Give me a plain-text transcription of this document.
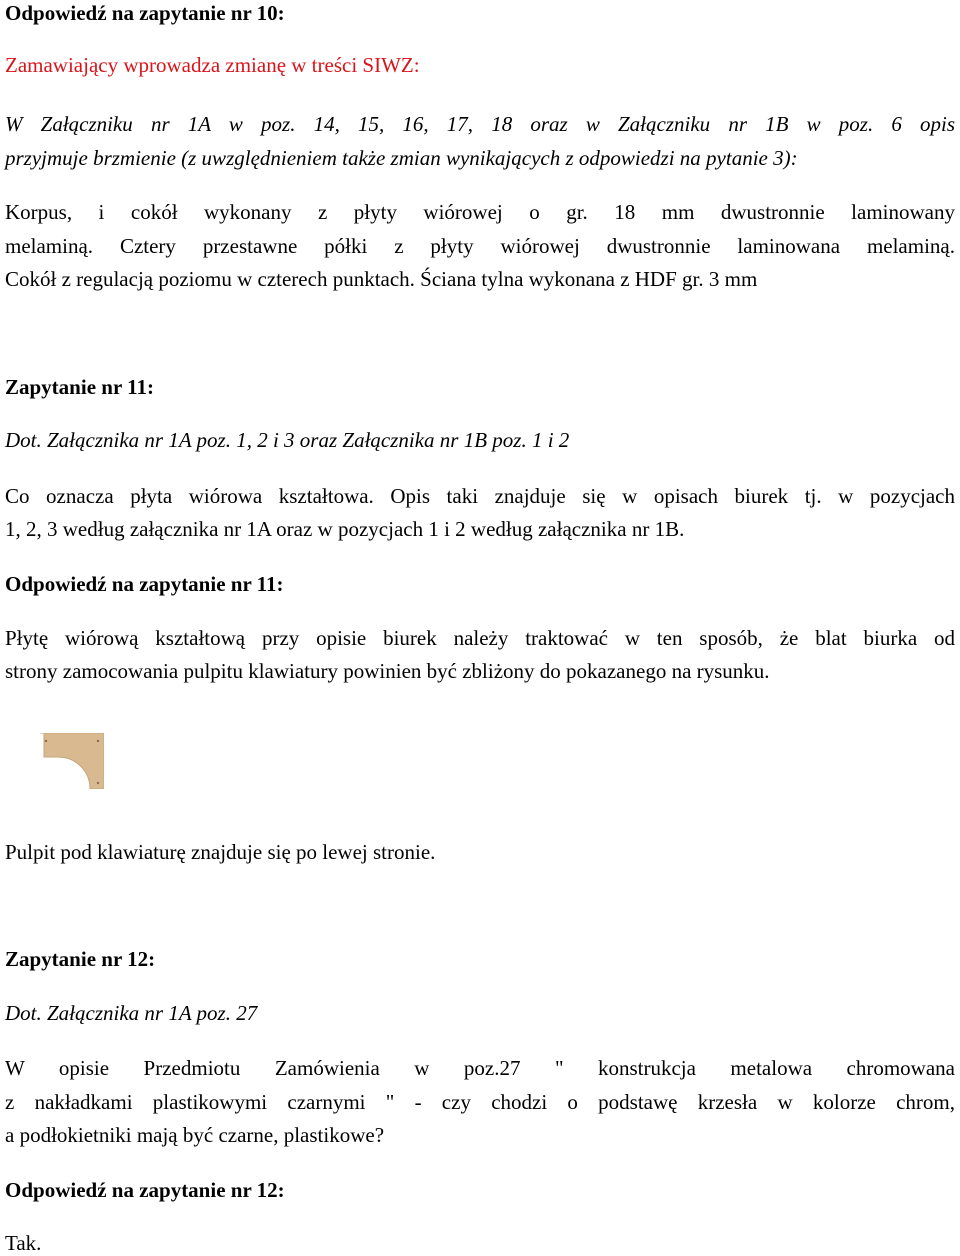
Odpowiedź na zapytanie nr 10:
Zamawiający wprowadza zmianę w treści SIWZ:
W Załączniku nr 1A w poz. 14, 15, 16, 17, 18 oraz w Załączniku nr 1B w poz. 6 opis
przyjmuje brzmienie (z uwzględnieniem także zmian wynikających z odpowiedzi na pytanie 3):
Korpus, i cokół wykonany z płyty wiórowej o gr. 18 mm dwustronnie laminowany
melaminą. Cztery przestawne półki z płyty wiórowej dwustronnie laminowana melaminą.
Cokół z regulacją poziomu w czterech punktach. Ściana tylna wykonana z HDF gr. 3 mm
Zapytanie nr 11:
Dot. Załącznika nr 1A poz. 1, 2 i 3 oraz Załącznika nr 1B poz. 1 i 2
Co oznacza płyta wiórowa kształtowa. Opis taki znajduje się w opisach biurek tj. w pozycjach
1, 2, 3 według załącznika nr 1A oraz w pozycjach 1 i 2 według załącznika nr 1B.
Odpowiedź na zapytanie nr 11:
Płytę wiórową kształtową przy opisie biurek należy traktować w ten sposób, że blat biurka od
strony zamocowania pulpitu klawiatury powinien być zbliżony do pokazanego na rysunku.
Pulpit pod klawiaturę znajduje się po lewej stronie.
Zapytanie nr 12:
Dot. Załącznika nr 1A poz. 27
W opisie Przedmiotu Zamówienia w poz.27 " konstrukcja metalowa chromowana
z nakładkami plastikowymi czarnymi " - czy chodzi o podstawę krzesła w kolorze chrom,
a podłokietniki mają być czarne, plastikowe?
Odpowiedź na zapytanie nr 12:
Tak.
